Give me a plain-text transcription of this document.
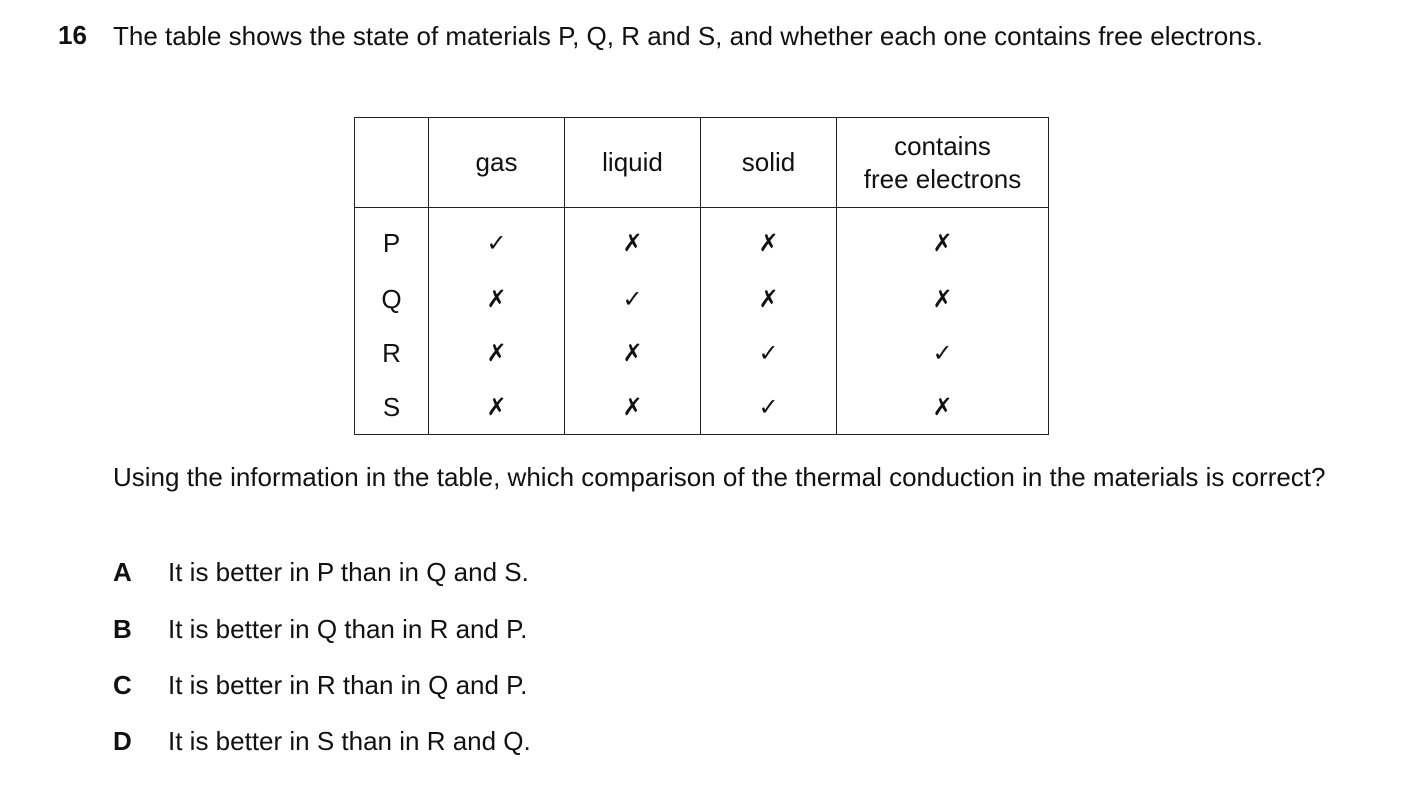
16 The table shows the state of materials P, Q, R and S, and whether each one contains free electrons.
	gas	liquid	solid	contains
free electrons
P	✓	✗	✗	✗
Q	✗	✓	✗	✗
R	✗	✗	✓	✓
S	✗	✗	✓	✗
Using the information in the table, which comparison of the thermal conduction in the materials is correct?
A It is better in P than in Q and S.
B It is better in Q than in R and P.
C It is better in R than in Q and P.
D It is better in S than in R and Q.
